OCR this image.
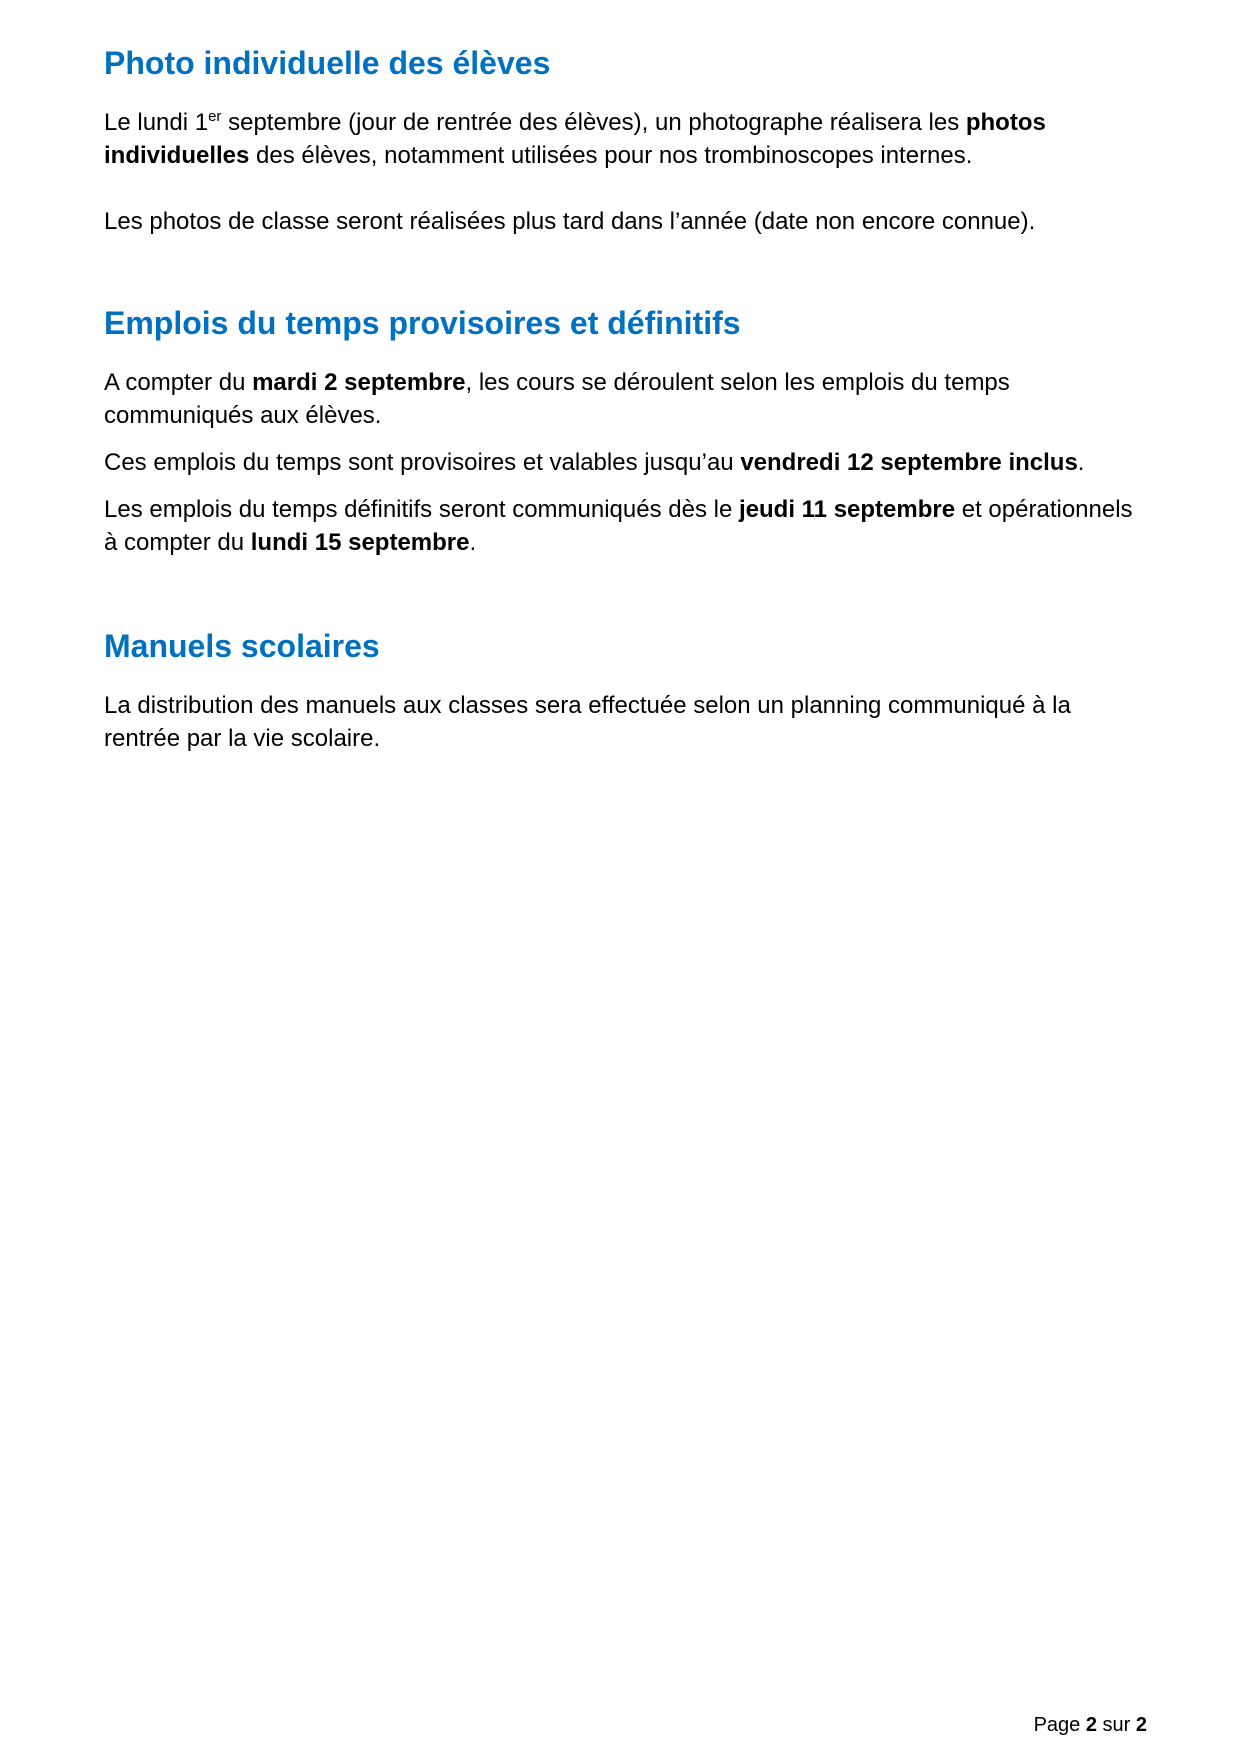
Photo individuelle des élèves

Le lundi 1er septembre (jour de rentrée des élèves), un photographe réalisera les photos individuelles des élèves, notamment utilisées pour nos trombinoscopes internes.

Les photos de classe seront réalisées plus tard dans l’année (date non encore connue).

Emplois du temps provisoires et définitifs

A compter du mardi 2 septembre, les cours se déroulent selon les emplois du temps communiqués aux élèves.

Ces emplois du temps sont provisoires et valables jusqu’au vendredi 12 septembre inclus.

Les emplois du temps définitifs seront communiqués dès le jeudi 11 septembre et opérationnels à compter du lundi 15 septembre.

Manuels scolaires

La distribution des manuels aux classes sera effectuée selon un planning communiqué à la rentrée par la vie scolaire.

Page 2 sur 2
